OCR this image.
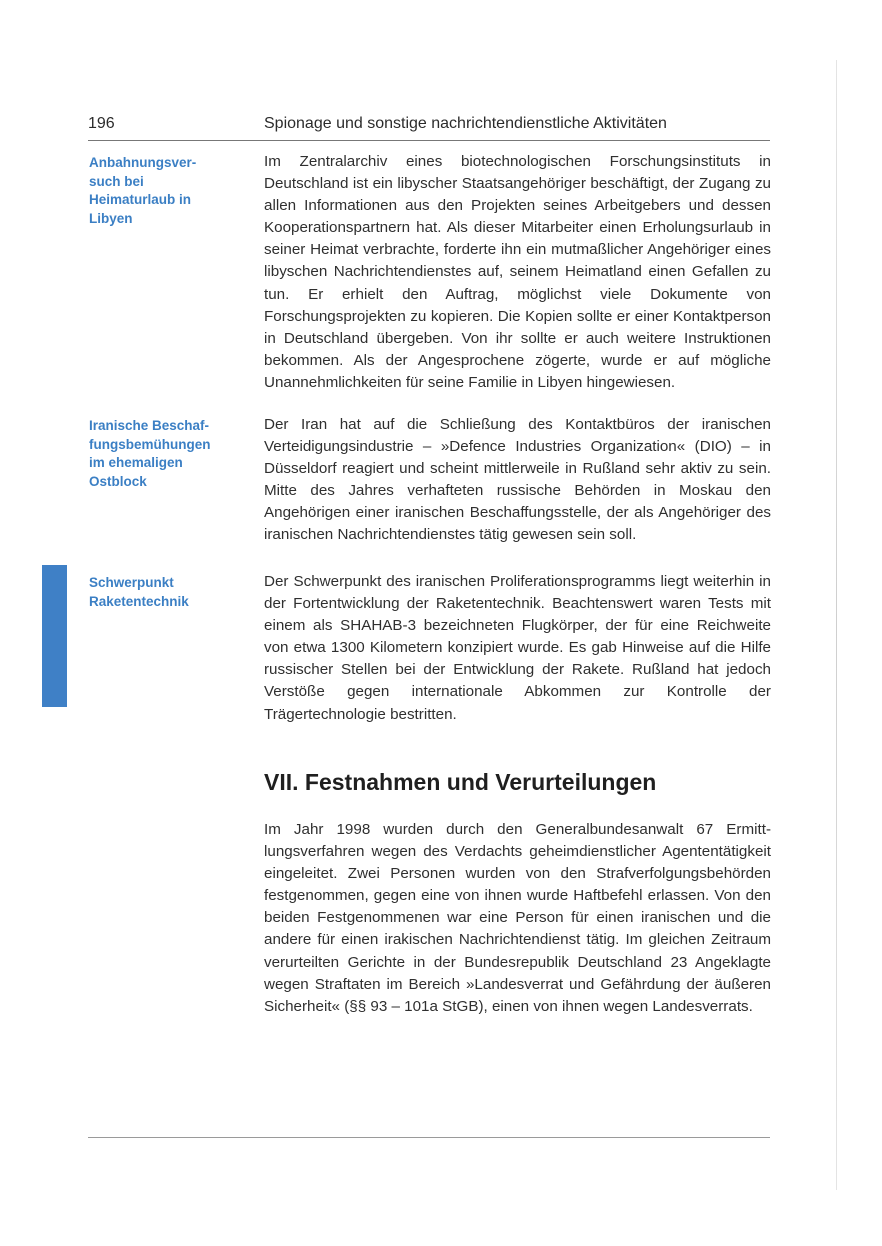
196	Spionage und sonstige nachrichtendienstliche Aktivitäten
Anbahnungsver-
such bei
Heimaturlaub in
Libyen
Iranische Beschaf-
fungsbemühungen
im ehemaligen
Ostblock
Schwerpunkt
Raketentechnik
Im Zentralarchiv eines biotechnologischen Forschungsinstituts in Deutschland ist ein libyscher Staatsangehöriger beschäftigt, der Zugang zu allen Informationen aus den Projekten seines Arbeitgebers und dessen Kooperationspartnern hat. Als dieser Mitarbeiter einen Erholungsurlaub in seiner Heimat verbrachte, forderte ihn ein mutmaßlicher Angehöriger eines libyschen Nachrichtendienstes auf, seinem Heimatland einen Gefallen zu tun. Er erhielt den Auftrag, möglichst viele Dokumente von Forschungsprojekten zu kopieren. Die Kopien sollte er einer Kontaktperson in Deutschland übergeben. Von ihr sollte er auch weitere Instruktionen bekommen. Als der Angesprochene zögerte, wurde er auf mögliche Unannehmlichkeiten für seine Familie in Libyen hingewiesen.
Der Iran hat auf die Schließung des Kontaktbüros der iranischen Verteidigungsindustrie – »Defence Industries Organization« (DIO) – in Düsseldorf reagiert und scheint mittlerweile in Rußland sehr aktiv zu sein. Mitte des Jahres verhafteten russische Behörden in Moskau den Angehörigen einer iranischen Beschaffungsstelle, der als Angehöriger des iranischen Nachrichtendienstes tätig gewesen sein soll.
Der Schwerpunkt des iranischen Proliferationsprogramms liegt weiterhin in der Fortentwicklung der Raketentechnik. Beachtenswert waren Tests mit einem als SHAHAB-3 bezeichneten Flugkörper, der für eine Reichweite von etwa 1300 Kilometern konzipiert wurde. Es gab Hinweise auf die Hilfe russischer Stellen bei der Entwicklung der Rakete. Rußland hat jedoch Verstöße gegen internationale Abkommen zur Kontrolle der Trägertechnologie bestritten.
VII. Festnahmen und Verurteilungen
Im Jahr 1998 wurden durch den Generalbundesanwalt 67 Ermittlungsverfahren wegen des Verdachts geheimdienstlicher Agententätigkeit eingeleitet. Zwei Personen wurden von den Strafverfolgungsbehörden festgenommen, gegen eine von ihnen wurde Haftbefehl erlassen. Von den beiden Festgenommenen war eine Person für einen iranischen und die andere für einen irakischen Nachrichtendienst tätig. Im gleichen Zeitraum verurteilten Gerichte in der Bundesrepublik Deutschland 23 Angeklagte wegen Straftaten im Bereich »Landesverrat und Gefährdung der äußeren Sicherheit« (§§ 93 – 101a StGB), einen von ihnen wegen Landesverrats.
